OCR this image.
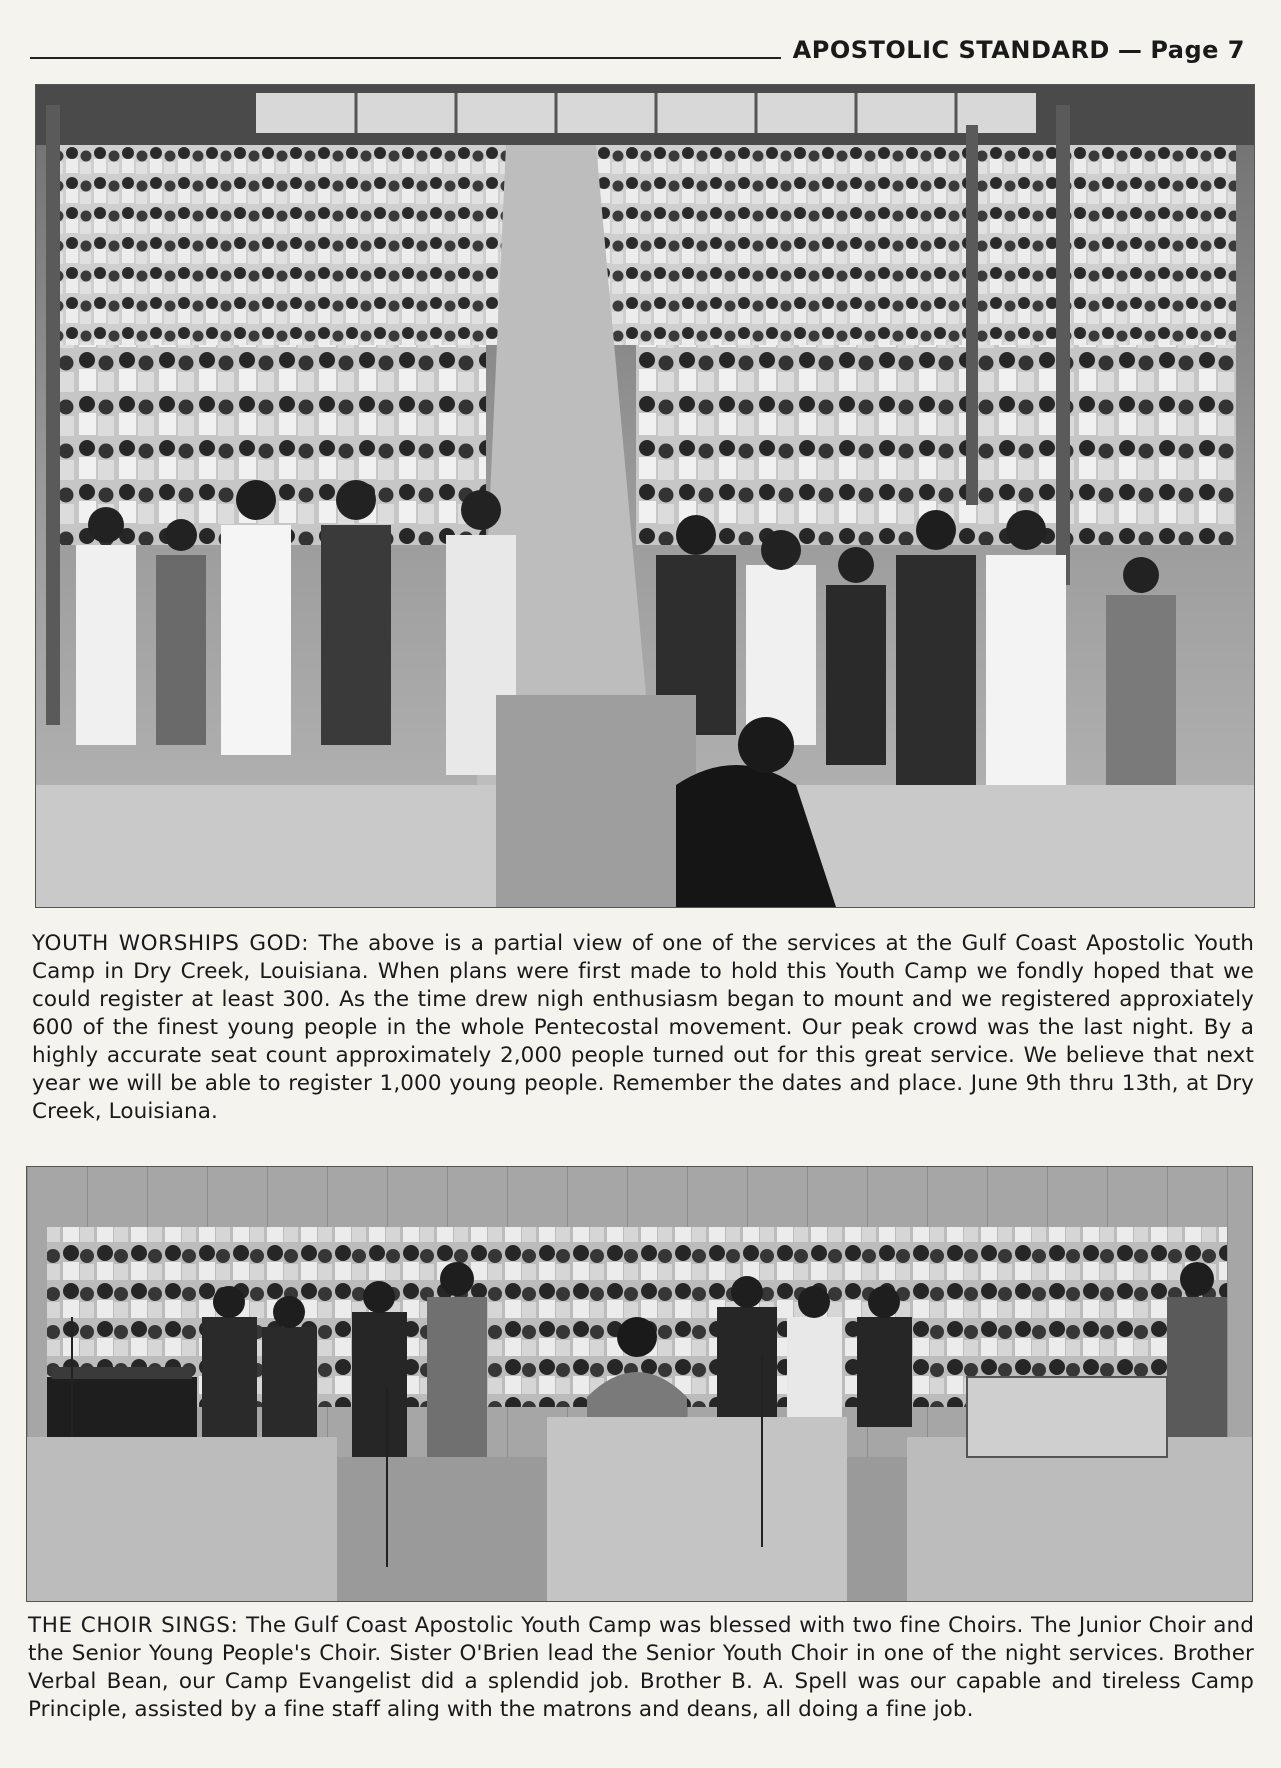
APOSTOLIC STANDARD — Page 7
YOUTH WORSHIPS GOD: The above is a partial view of one of the services at the Gulf Coast Apostolic Youth Camp in Dry Creek, Louisiana. When plans were first made to hold this Youth Camp we fondly hoped that we could register at least 300. As the time drew nigh enthusiasm began to mount and we registered approxiately 600 of the finest young people in the whole Pentecostal movement. Our peak crowd was the last night. By a highly accurate seat count approximately 2,000 people turned out for this great service. We believe that next year we will be able to register 1,000 young people. Remember the dates and place. June 9th thru 13th, at Dry Creek, Louisiana.
THE CHOIR SINGS: The Gulf Coast Apostolic Youth Camp was blessed with two fine Choirs. The Junior Choir and the Senior Young People's Choir. Sister O'Brien lead the Senior Youth Choir in one of the night services. Brother Verbal Bean, our Camp Evangelist did a splendid job. Brother B. A. Spell was our capable and tireless Camp Principle, assisted by a fine staff aling with the matrons and deans, all doing a fine job.
